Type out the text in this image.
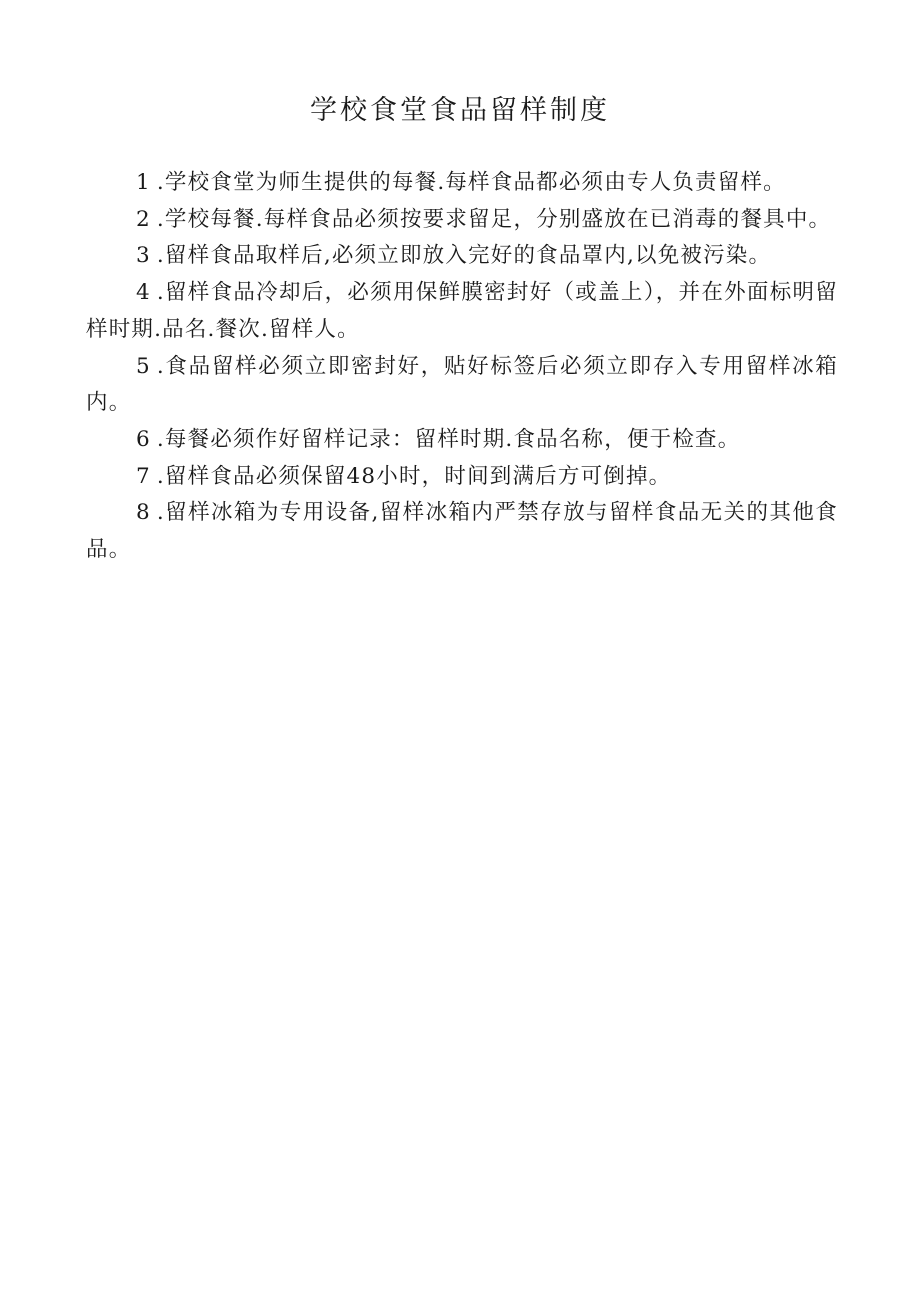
学校食堂食品留样制度

1 .学校食堂为师生提供的每餐.每样食品都必须由专人负责留样。

2 .学校每餐.每样食品必须按要求留足，分别盛放在已消毒的餐具中。

3 .留样食品取样后,必须立即放入完好的食品罩内,以免被污染。

4 .留样食品冷却后，必须用保鲜膜密封好（或盖上），并在外面标明留样时期.品名.餐次.留样人。

5 .食品留样必须立即密封好，贴好标签后必须立即存入专用留样冰箱内。

6 .每餐必须作好留样记录：留样时期.食品名称，便于检查。

7 .留样食品必须保留48小时，时间到满后方可倒掉。

8 .留样冰箱为专用设备,留样冰箱内严禁存放与留样食品无关的其他食品。
